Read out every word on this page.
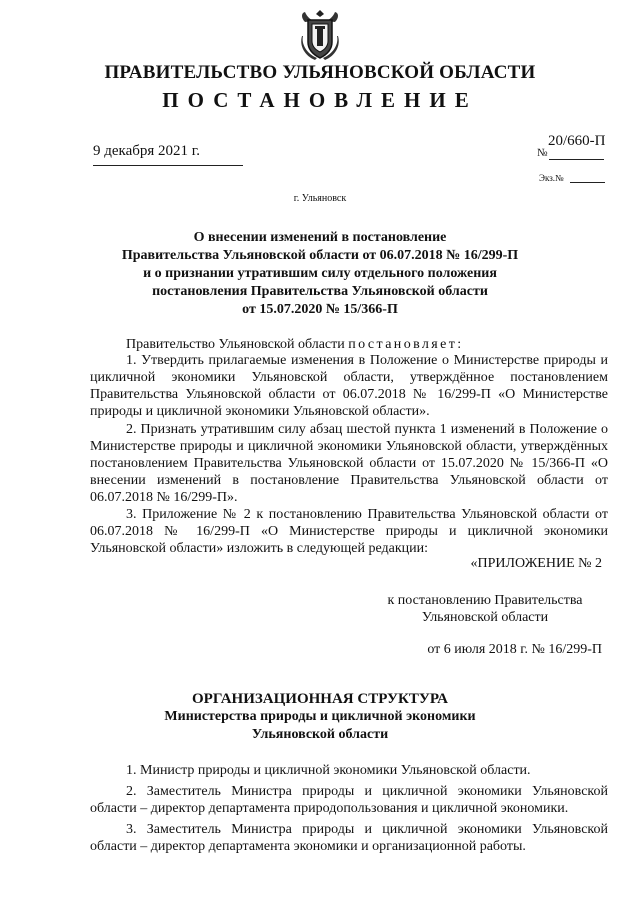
ПРАВИТЕЛЬСТВО УЛЬЯНОВСКОЙ ОБЛАСТИ
ПОСТАНОВЛЕНИЕ
9 декабря 2021 г.
20/660-П
№
Экз.№
г. Ульяновск
О внесении изменений в постановление
Правительства Ульяновской области от 06.07.2018 № 16/299-П
и о признании утратившим силу отдельного положения
постановления Правительства Ульяновской области
от 15.07.2020 № 15/366-П

Правительство Ульяновской области постановляет:

1. Утвердить прилагаемые изменения в Положение о Министерстве природы и цикличной экономики Ульяновской области, утверждённое постановлением Правительства Ульяновской области от 06.07.2018 № 16/299-П «О Министерстве природы и цикличной экономики Ульяновской области».

2. Признать утратившим силу абзац шестой пункта 1 изменений в Положение о Министерстве природы и цикличной экономики Ульяновской области, утверждённых постановлением Правительства Ульяновской области от 15.07.2020 № 15/366-П «О внесении изменений в постановление Правительства Ульяновской области от 06.07.2018 № 16/299-П».

3. Приложение № 2 к постановлению Правительства Ульяновской области от 06.07.2018 № 16/299-П «О Министерстве природы и цикличной экономики Ульяновской области» изложить в следующей редакции:

«ПРИЛОЖЕНИЕ № 2
к постановлению Правительства
Ульяновской области
от 6 июля 2018 г. № 16/299-П
ОРГАНИЗАЦИОННАЯ СТРУКТУРА
Министерства природы и цикличной экономики
Ульяновской области

1. Министр природы и цикличной экономики Ульяновской области.

2. Заместитель Министра природы и цикличной экономики Ульяновской области – директор департамента природопользования и цикличной экономики.

3. Заместитель Министра природы и цикличной экономики Ульяновской области – директор департамента экономики и организационной работы.
